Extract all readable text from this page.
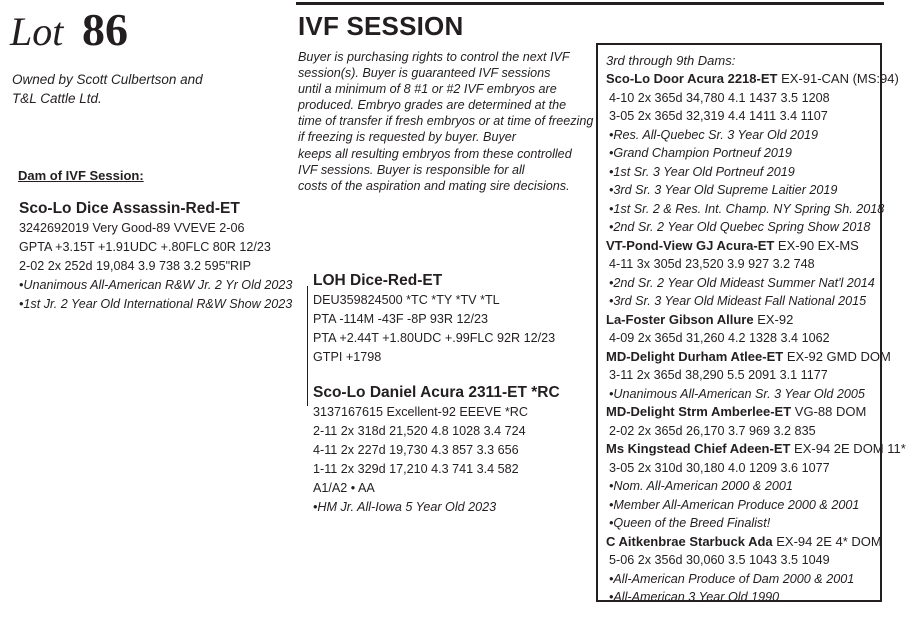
Lot 86
Owned by Scott Culbertson and
T&L Cattle Ltd.
IVF SESSION
Buyer is purchasing rights to control the next IVF
session(s). Buyer is guaranteed IVF sessions
until a minimum of 8 #1 or #2 IVF embryos are
produced. Embryo grades are determined at the
time of transfer if fresh embryos or at time of freezing
if freezing is requested by buyer. Buyer
keeps all resulting embryos from these controlled
IVF sessions. Buyer is responsible for all
costs of the aspiration and mating sire decisions.
Dam of IVF Session:
Sco-Lo Dice Assassin-Red-ET
3242692019 Very Good-89 VVEVE 2-06
GPTA +3.15T +1.91UDC +.80FLC 80R 12/23
2-02 2x 252d 19,084 3.9 738 3.2 595"RIP
•Unanimous All-American R&W Jr. 2 Yr Old 2023
•1st Jr. 2 Year Old International R&W Show 2023
LOH Dice-Red-ET
DEU359824500 *TC *TY *TV *TL
PTA -114M -43F -8P 93R 12/23
PTA +2.44T +1.80UDC +.99FLC 92R 12/23
GTPI +1798
Sco-Lo Daniel Acura 2311-ET *RC
3137167615 Excellent-92 EEEVE *RC
2-11 2x 318d 21,520 4.8 1028 3.4 724
4-11 2x 227d 19,730 4.3 857 3.3 656
1-11 2x 329d 17,210 4.3 741 3.4 582
A1/A2 • AA
•HM Jr. All-Iowa 5 Year Old 2023
3rd through 9th Dams:
Sco-Lo Door Acura 2218-ET EX-91-CAN (MS:94)
4-10 2x 365d 34,780 4.1 1437 3.5 1208
3-05 2x 365d 32,319 4.4 1411 3.4 1107
•Res. All-Quebec Sr. 3 Year Old 2019
•Grand Champion Portneuf 2019
•1st Sr. 3 Year Old Portneuf 2019
•3rd Sr. 3 Year Old Supreme Laitier 2019
•1st Sr. 2 & Res. Int. Champ. NY Spring Sh. 2018
•2nd Sr. 2 Year Old Quebec Spring Show 2018
VT-Pond-View GJ Acura-ET EX-90 EX-MS
4-11 3x 305d 23,520 3.9 927 3.2 748
•2nd Sr. 2 Year Old Mideast Summer Nat'l 2014
•3rd Sr. 3 Year Old Mideast Fall National 2015
La-Foster Gibson Allure EX-92
4-09 2x 365d 31,260 4.2 1328 3.4 1062
MD-Delight Durham Atlee-ET EX-92 GMD DOM
3-11 2x 365d 38,290 5.5 2091 3.1 1177
•Unanimous All-American Sr. 3 Year Old 2005
MD-Delight Strm Amberlee-ET VG-88 DOM
2-02 2x 365d 26,170 3.7 969 3.2 835
Ms Kingstead Chief Adeen-ET EX-94 2E DOM 11*
3-05 2x 310d 30,180 4.0 1209 3.6 1077
•Nom. All-American 2000 & 2001
•Member All-American Produce 2000 & 2001
•Queen of the Breed Finalist!
C Aitkenbrae Starbuck Ada EX-94 2E 4* DOM
5-06 2x 356d 30,060 3.5 1043 3.5 1049
•All-American Produce of Dam 2000 & 2001
•All-American 3 Year Old 1990
